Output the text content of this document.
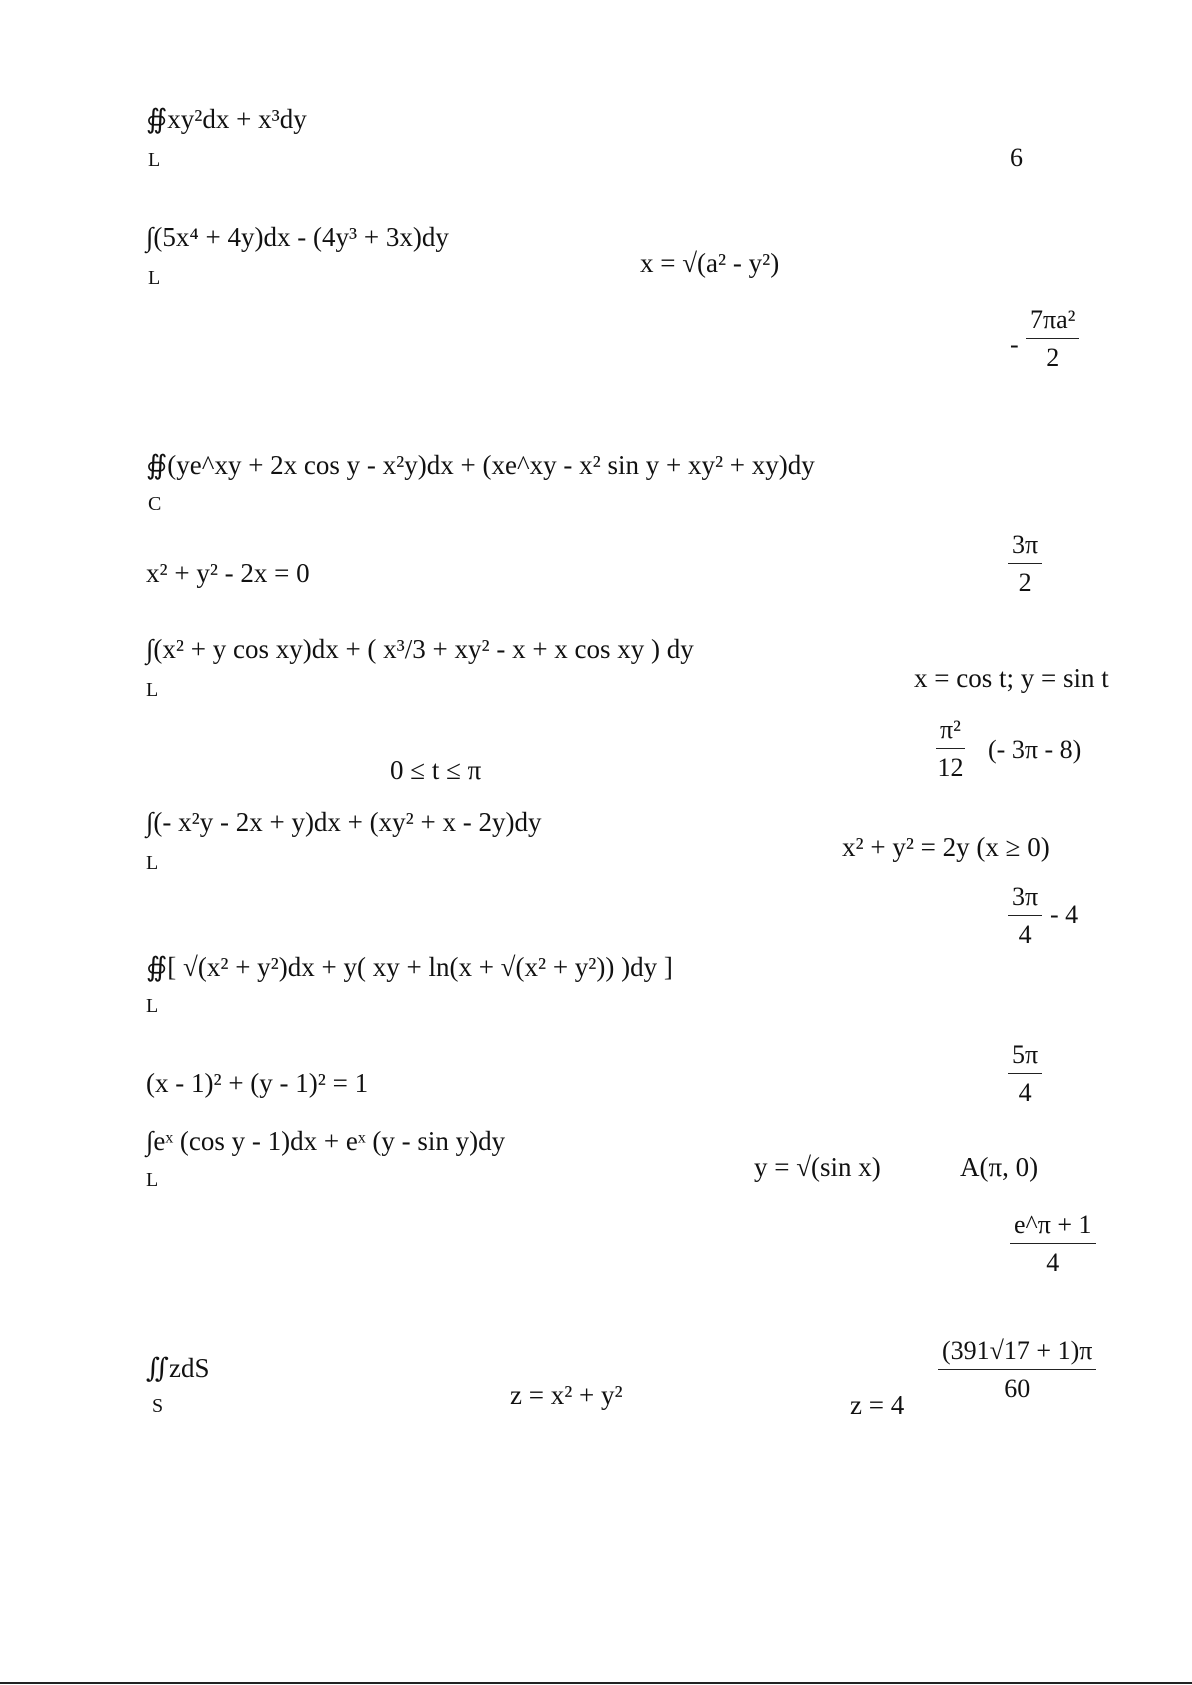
∯xy²dx + x³dy
L	6
∫(5x⁴ + 4y)dx - (4y³ + 3x)dy
L	x = √(a² - y²)
- $\frac{\text{7πa²}}{2}$
∯(ye^xy + 2x cos y - x²y)dx + (xe^xy - x² sin y + xy² + xy)dy
C
x² + y² - 2x = 0	$\frac{3\pi}{2}$
∫(x² + y cos xy)dx + ( x³/3 + xy² - x + x cos xy ) dy
L	x = cos t; y = sin t
0 ≤ t ≤ π	$\frac{\text{π²}}{12}$ (- 3π - 8)
∫(- x²y - 2x + y)dx + (xy² + x - 2y)dy
L
x² + y² = 2y (x ≥ 0)
$\frac{3\pi}{4} - 4$
∯[ √(x² + y²)dx + y( xy + ln(x + √(x² + y²)) )dy ]
L
(x - 1)² + (y - 1)² = 1	$\frac{5\pi}{4}$
∫eˣ (cos y - 1)dx + eˣ (y - sin y)dy
L	y = √(sin x)	A(π, 0)
$\frac{e\^{}\pi + 1}{4}$
∬zdS
S	z = x² + y²	z = 4
$\frac{(391√17 + 1)\pi}{60}$
